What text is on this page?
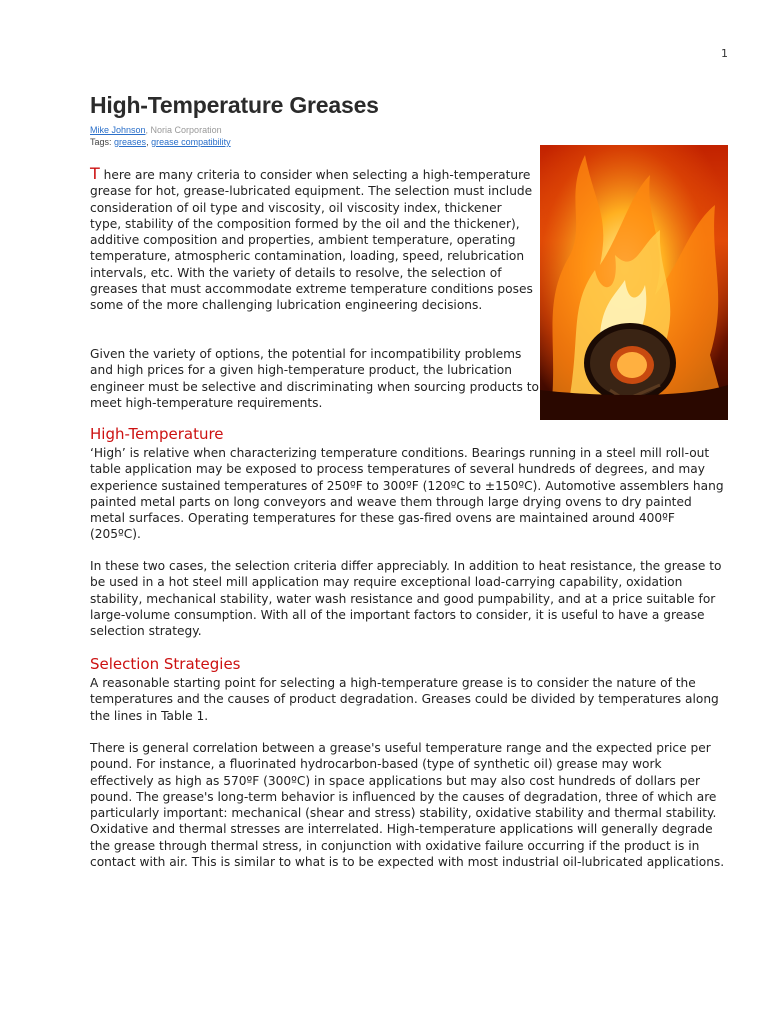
1
High-Temperature Greases
Mike Johnson, Noria Corporation
Tags: greases, grease compatibility

T here are many criteria to consider when selecting a high-temperature grease for hot, grease-lubricated equipment. The selection must include consideration of oil type and viscosity, oil viscosity index, thickener type, stability of the composition formed by the oil and the thickener), additive composition and properties, ambient temperature, operating temperature, atmospheric contamination, loading, speed, relubrication intervals, etc. With the variety of details to resolve, the selection of greases that must accommodate extreme temperature conditions poses some of the more challenging lubrication engineering decisions.

Given the variety of options, the potential for incompatibility problems and high prices for a given high-temperature product, the lubrication engineer must be selective and discriminating when sourcing products to meet high-temperature requirements.

High-Temperature

‘High’ is relative when characterizing temperature conditions. Bearings running in a steel mill roll-out table application may be exposed to process temperatures of several hundreds of degrees, and may experience sustained temperatures of 250ºF to 300ºF (120ºC to ±150ºC). Automotive assemblers hang painted metal parts on long conveyors and weave them through large drying ovens to dry painted metal surfaces. Operating temperatures for these gas-fired ovens are maintained around 400ºF (205ºC).

In these two cases, the selection criteria differ appreciably. In addition to heat resistance, the grease to be used in a hot steel mill application may require exceptional load-carrying capability, oxidation stability, mechanical stability, water wash resistance and good pumpability, and at a price suitable for large-volume consumption. With all of the important factors to consider, it is useful to have a grease selection strategy.

Selection Strategies

A reasonable starting point for selecting a high-temperature grease is to consider the nature of the temperatures and the causes of product degradation. Greases could be divided by temperatures along the lines in Table 1.

There is general correlation between a grease's useful temperature range and the expected price per pound. For instance, a fluorinated hydrocarbon-based (type of synthetic oil) grease may work effectively as high as 570ºF (300ºC) in space applications but may also cost hundreds of dollars per pound. The grease's long-term behavior is influenced by the causes of degradation, three of which are particularly important: mechanical (shear and stress) stability, oxidative stability and thermal stability. Oxidative and thermal stresses are interrelated. High-temperature applications will generally degrade the grease through thermal stress, in conjunction with oxidative failure occurring if the product is in contact with air. This is similar to what is to be expected with most industrial oil-lubricated applications.
